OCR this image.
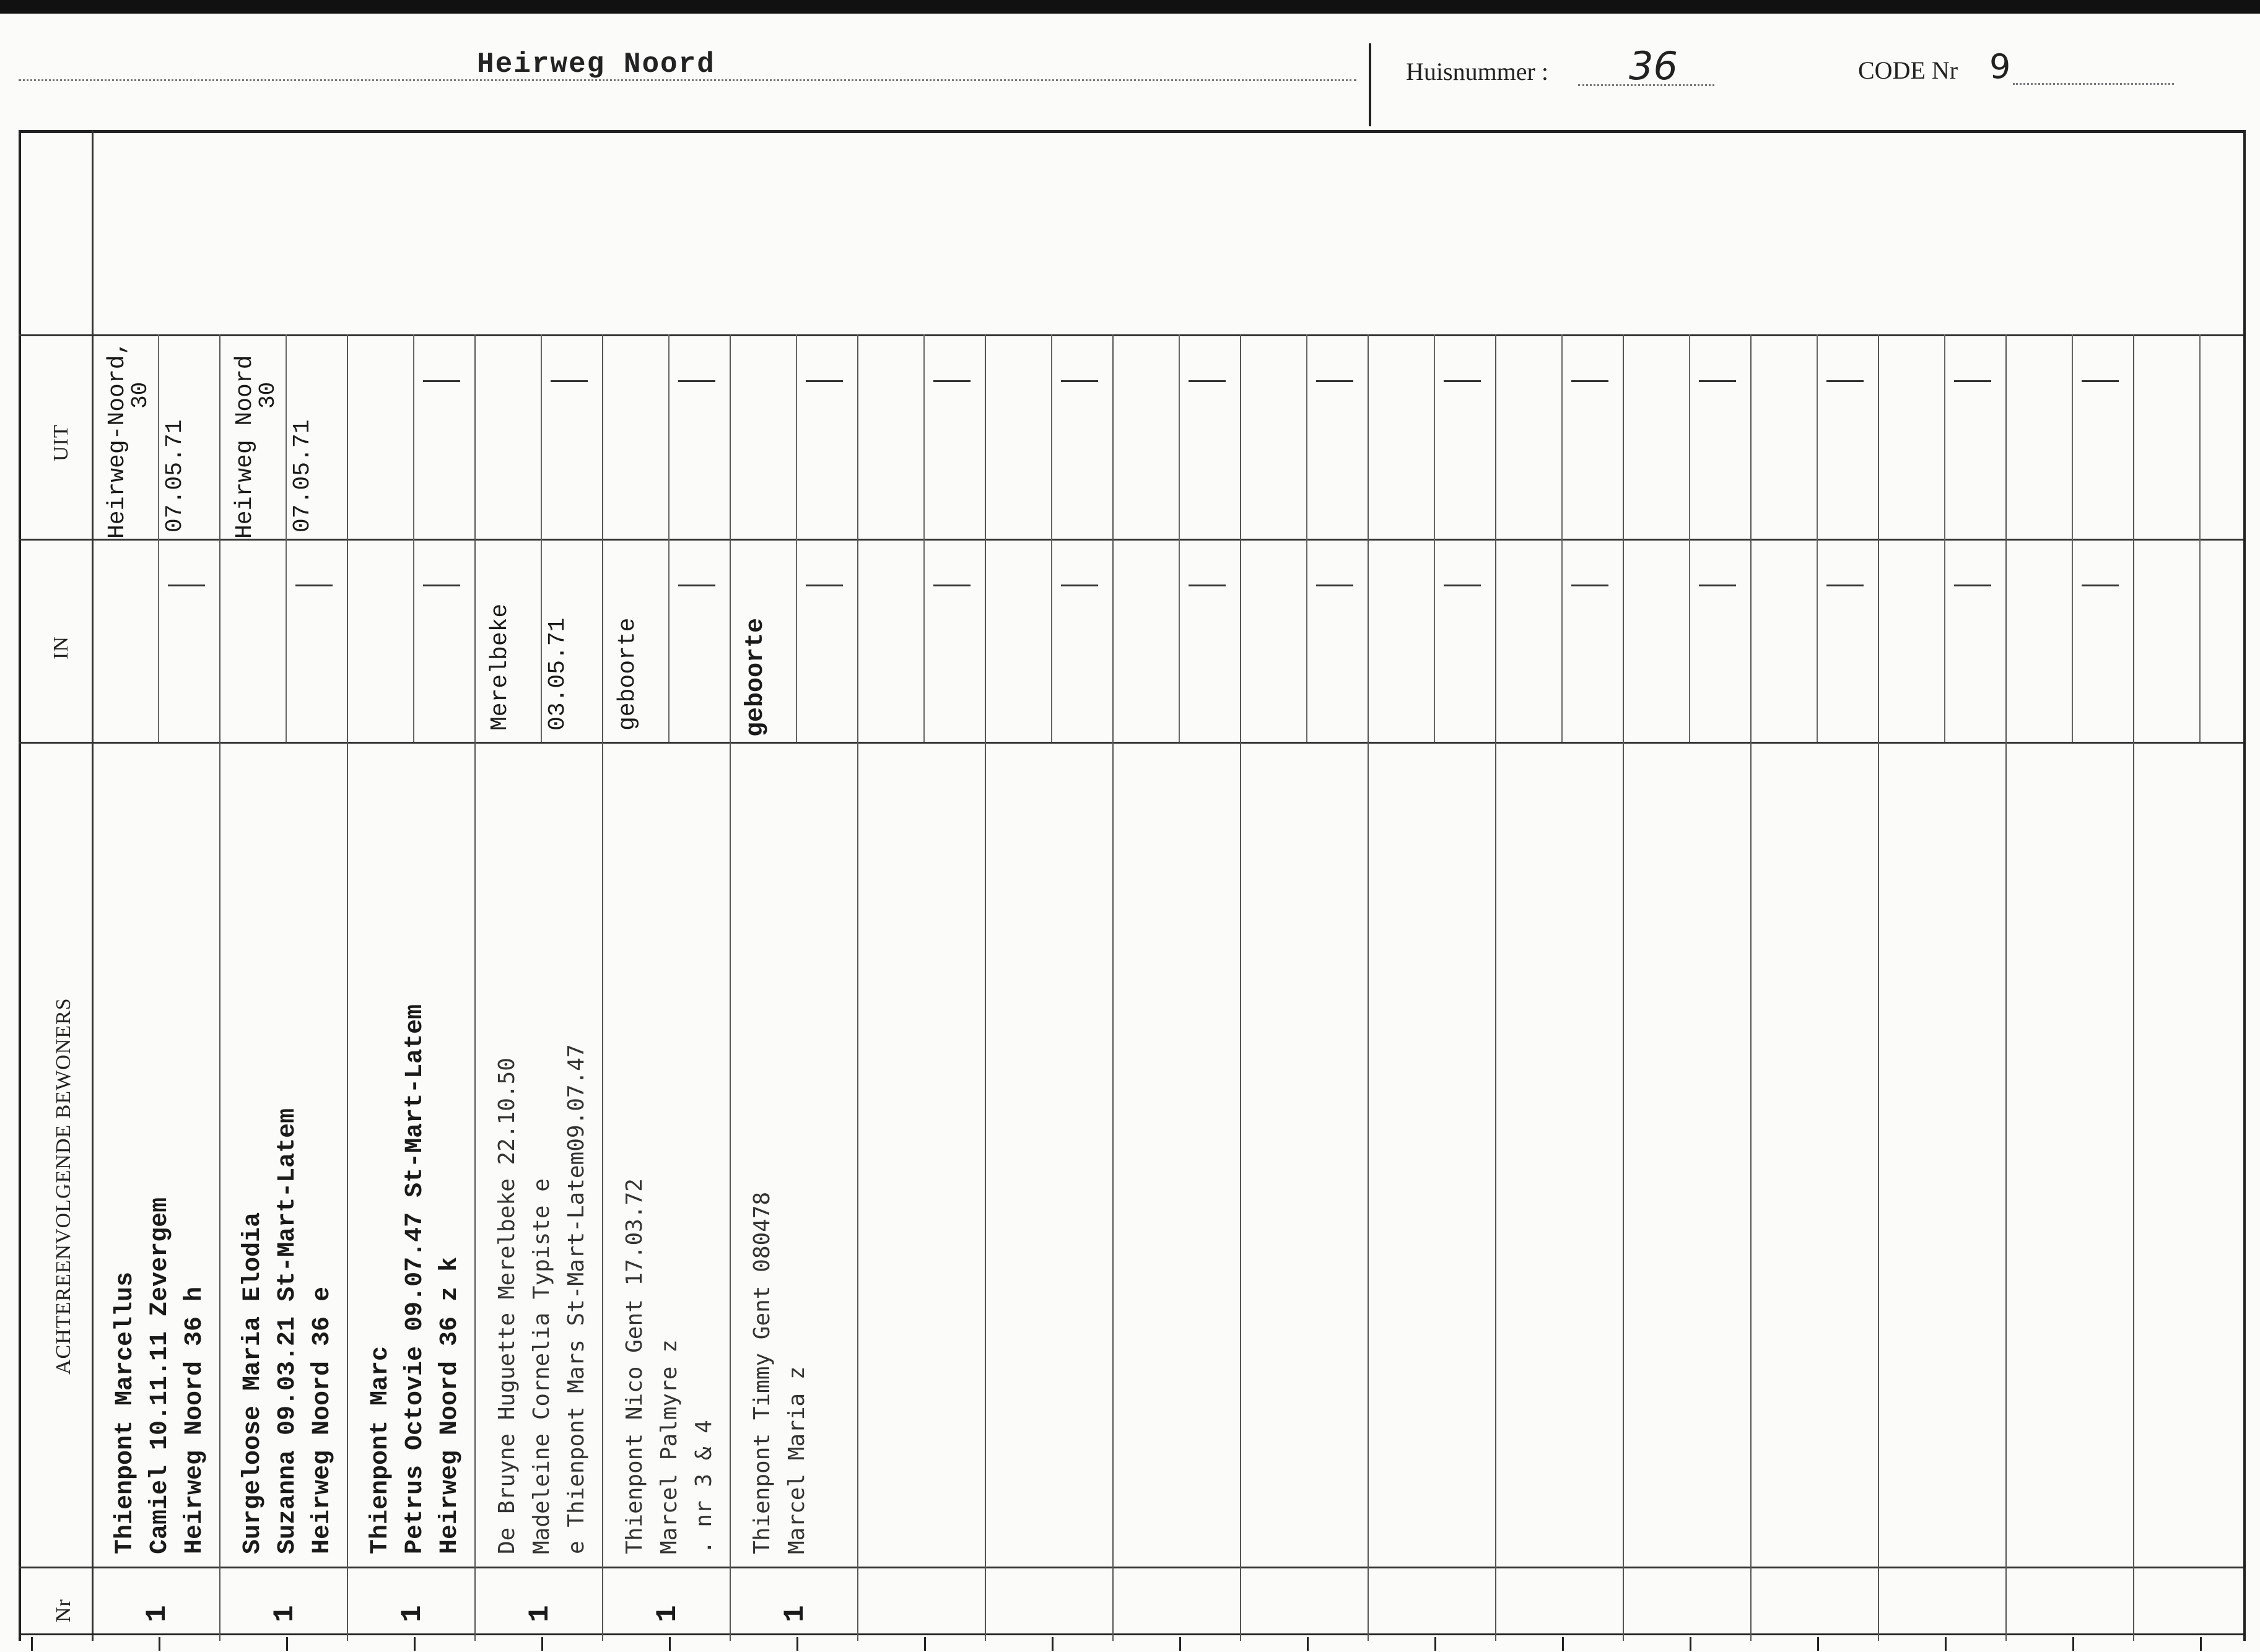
Heirweg Noord	Huisnummer : 36	CODE Nr 9
UIT
IN
ACHTEREENVOLGENDE BEWONERS
Nr
Heirweg-Noord,
30
07.05.71
Thienpont Marcellus Camiel 10.11.11 Zevergem Heirweg Noord 36 h
1
Heirweg Noord
30
07.05.71
Surgeloose Maria Elodia Suzanna 09.03.21 St-Mart-Latem Heirweg Noord 36 e
1
Thienpont Marc Petrus Octovie 09.07.47 St-Mart-Latem Heirweg Noord 36 z k
1
Merelbeke 03.05.71
De Bruyne Huguette Merelbeke 22.10.50 Madeleine Cornelia Typiste e e Thienpont Mars St-Mart-Latem09.07.47
1
geboorte
Thienpont Nico Gent 17.03.72 Marcel Palmyre z . nr 3 & 4
1
geboorte
Thienpont Timmy Gent 080478 Marcel Maria z
1
